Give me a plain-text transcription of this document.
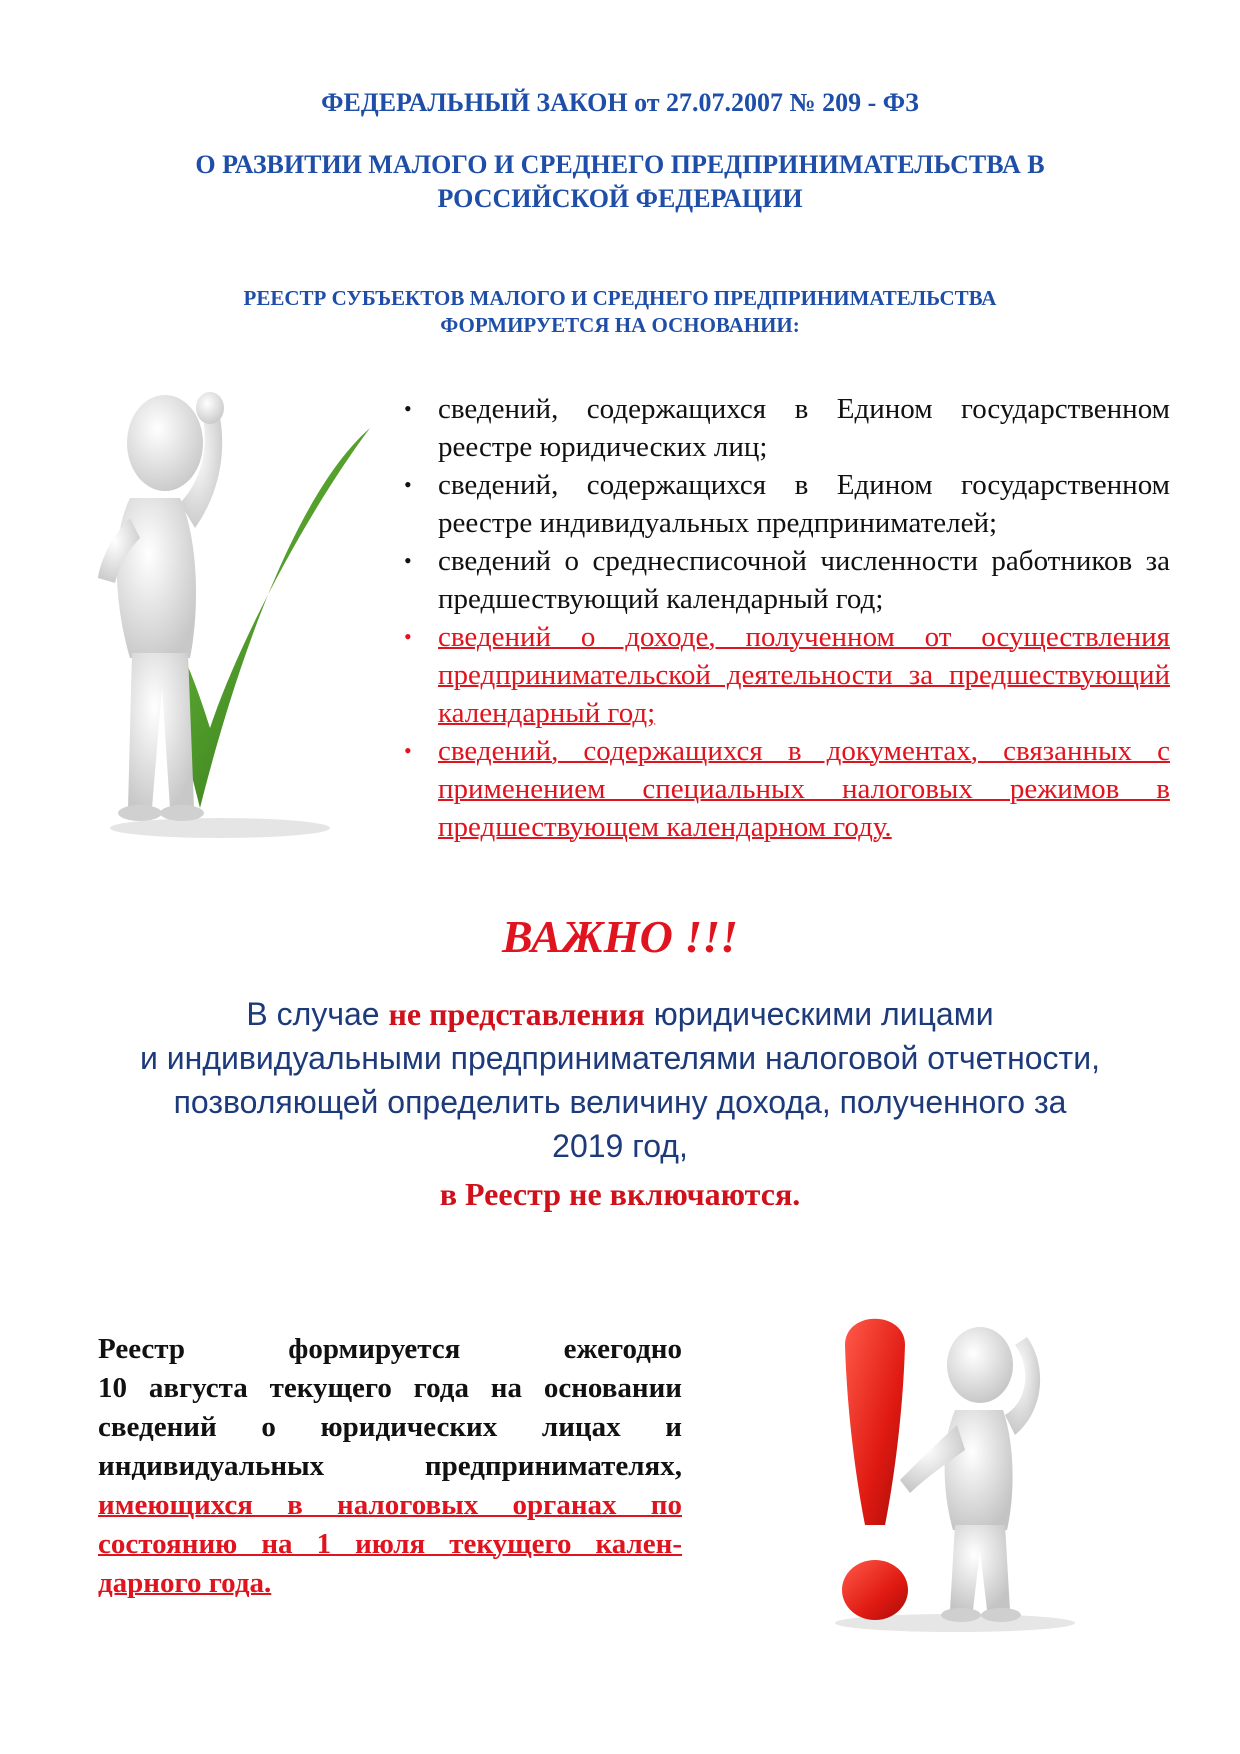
ФЕДЕРАЛЬНЫЙ ЗАКОН от 27.07.2007 № 209 - ФЗ
О РАЗВИТИИ МАЛОГО И СРЕДНЕГО ПРЕДПРИНИМАТЕЛЬСТВА В РОССИЙСКОЙ ФЕДЕРАЦИИ
РЕЕСТР СУБЪЕКТОВ МАЛОГО И СРЕДНЕГО ПРЕДПРИНИМАТЕЛЬСТВА
ФОРМИРУЕТСЯ НА ОСНОВАНИИ:
• сведений, содержащихся в Едином государственном реестре юридических лиц;
• сведений, содержащихся в Едином государственном реестре индивидуальных предпринимателей;
• сведений о среднесписочной численности работников за предшествующий календарный год;
• сведений о доходе, полученном от осуществления предпринимательской деятельности за предшествующий календарный год;
• сведений, содержащихся в документах, связанных с применением специальных налоговых режимов в предшествующем календарном году.
ВАЖНО !!!
В случае не представления юридическими лицами
и индивидуальными предпринимателями налоговой отчетности,
позволяющей определить величину дохода, полученного за
2019 год,
в Реестр не включаются.
Реестр формируется ежегодно
10 августа текущего года на основании
сведений о юридических лицах и
индивидуальных предпринимателях,
имеющихся в налоговых органах по
состоянию на 1 июля текущего кален-
дарного года.
